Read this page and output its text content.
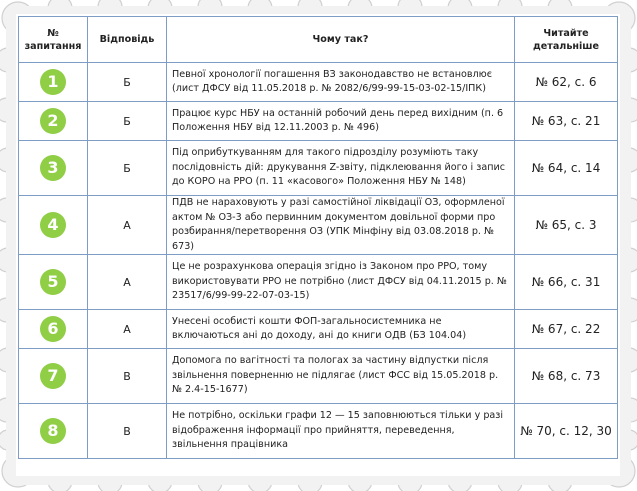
№ запитання	Відповідь	Чому так?	Читайте детальніше
1	Б	Певної хронології погашення ВЗ законодавство не встановлює (лист ДФСУ від 11.05.2018 р. № 2082/6/99-99-15-03-02-15/ІПК)	№ 62, с. 6
2	Б	Працює курс НБУ на останній робочий день перед вихідним (п. 6 Положення НБУ від 12.11.2003 р. № 496)	№ 63, с. 21
3	Б	Під оприбуткуванням для такого підрозділу розуміють таку послідовність дій: друкування Z-звіту, підклеювання його і запис до КОРО на РРО (п. 11 «касового» Положення НБУ № 148)	№ 64, с. 14
4	А	ПДВ не нараховують у разі самостійної ліквідації ОЗ, оформленої актом № ОЗ-3 або первинним документом довільної форми про розбирання/перетворення ОЗ (УПК Мінфіну від 03.08.2018 р. № 673)	№ 65, с. 3
5	А	Це не розрахункова операція згідно із Законом про РРО, тому використовувати РРО не потрібно (лист ДФСУ від 04.11.2015 р. № 23517/6/99-99-22-07-03-15)	№ 66, с. 31
6	А	Унесені особисті кошти ФОП-загальносистемника не включаються ані до доходу, ані до книги ОДВ (БЗ 104.04)	№ 67, с. 22
7	В	Допомога по вагітності та пологах за частину відпустки після звільнення поверненню не підлягає (лист ФСС від 15.05.2018 р. № 2.4-15-1677)	№ 68, с. 73
8	В	Не потрібно, оскільки графи 12 — 15 заповнюються тільки у разі відображення інформації про прийняття, переведення, звільнення працівника	№ 70, с. 12, 30
